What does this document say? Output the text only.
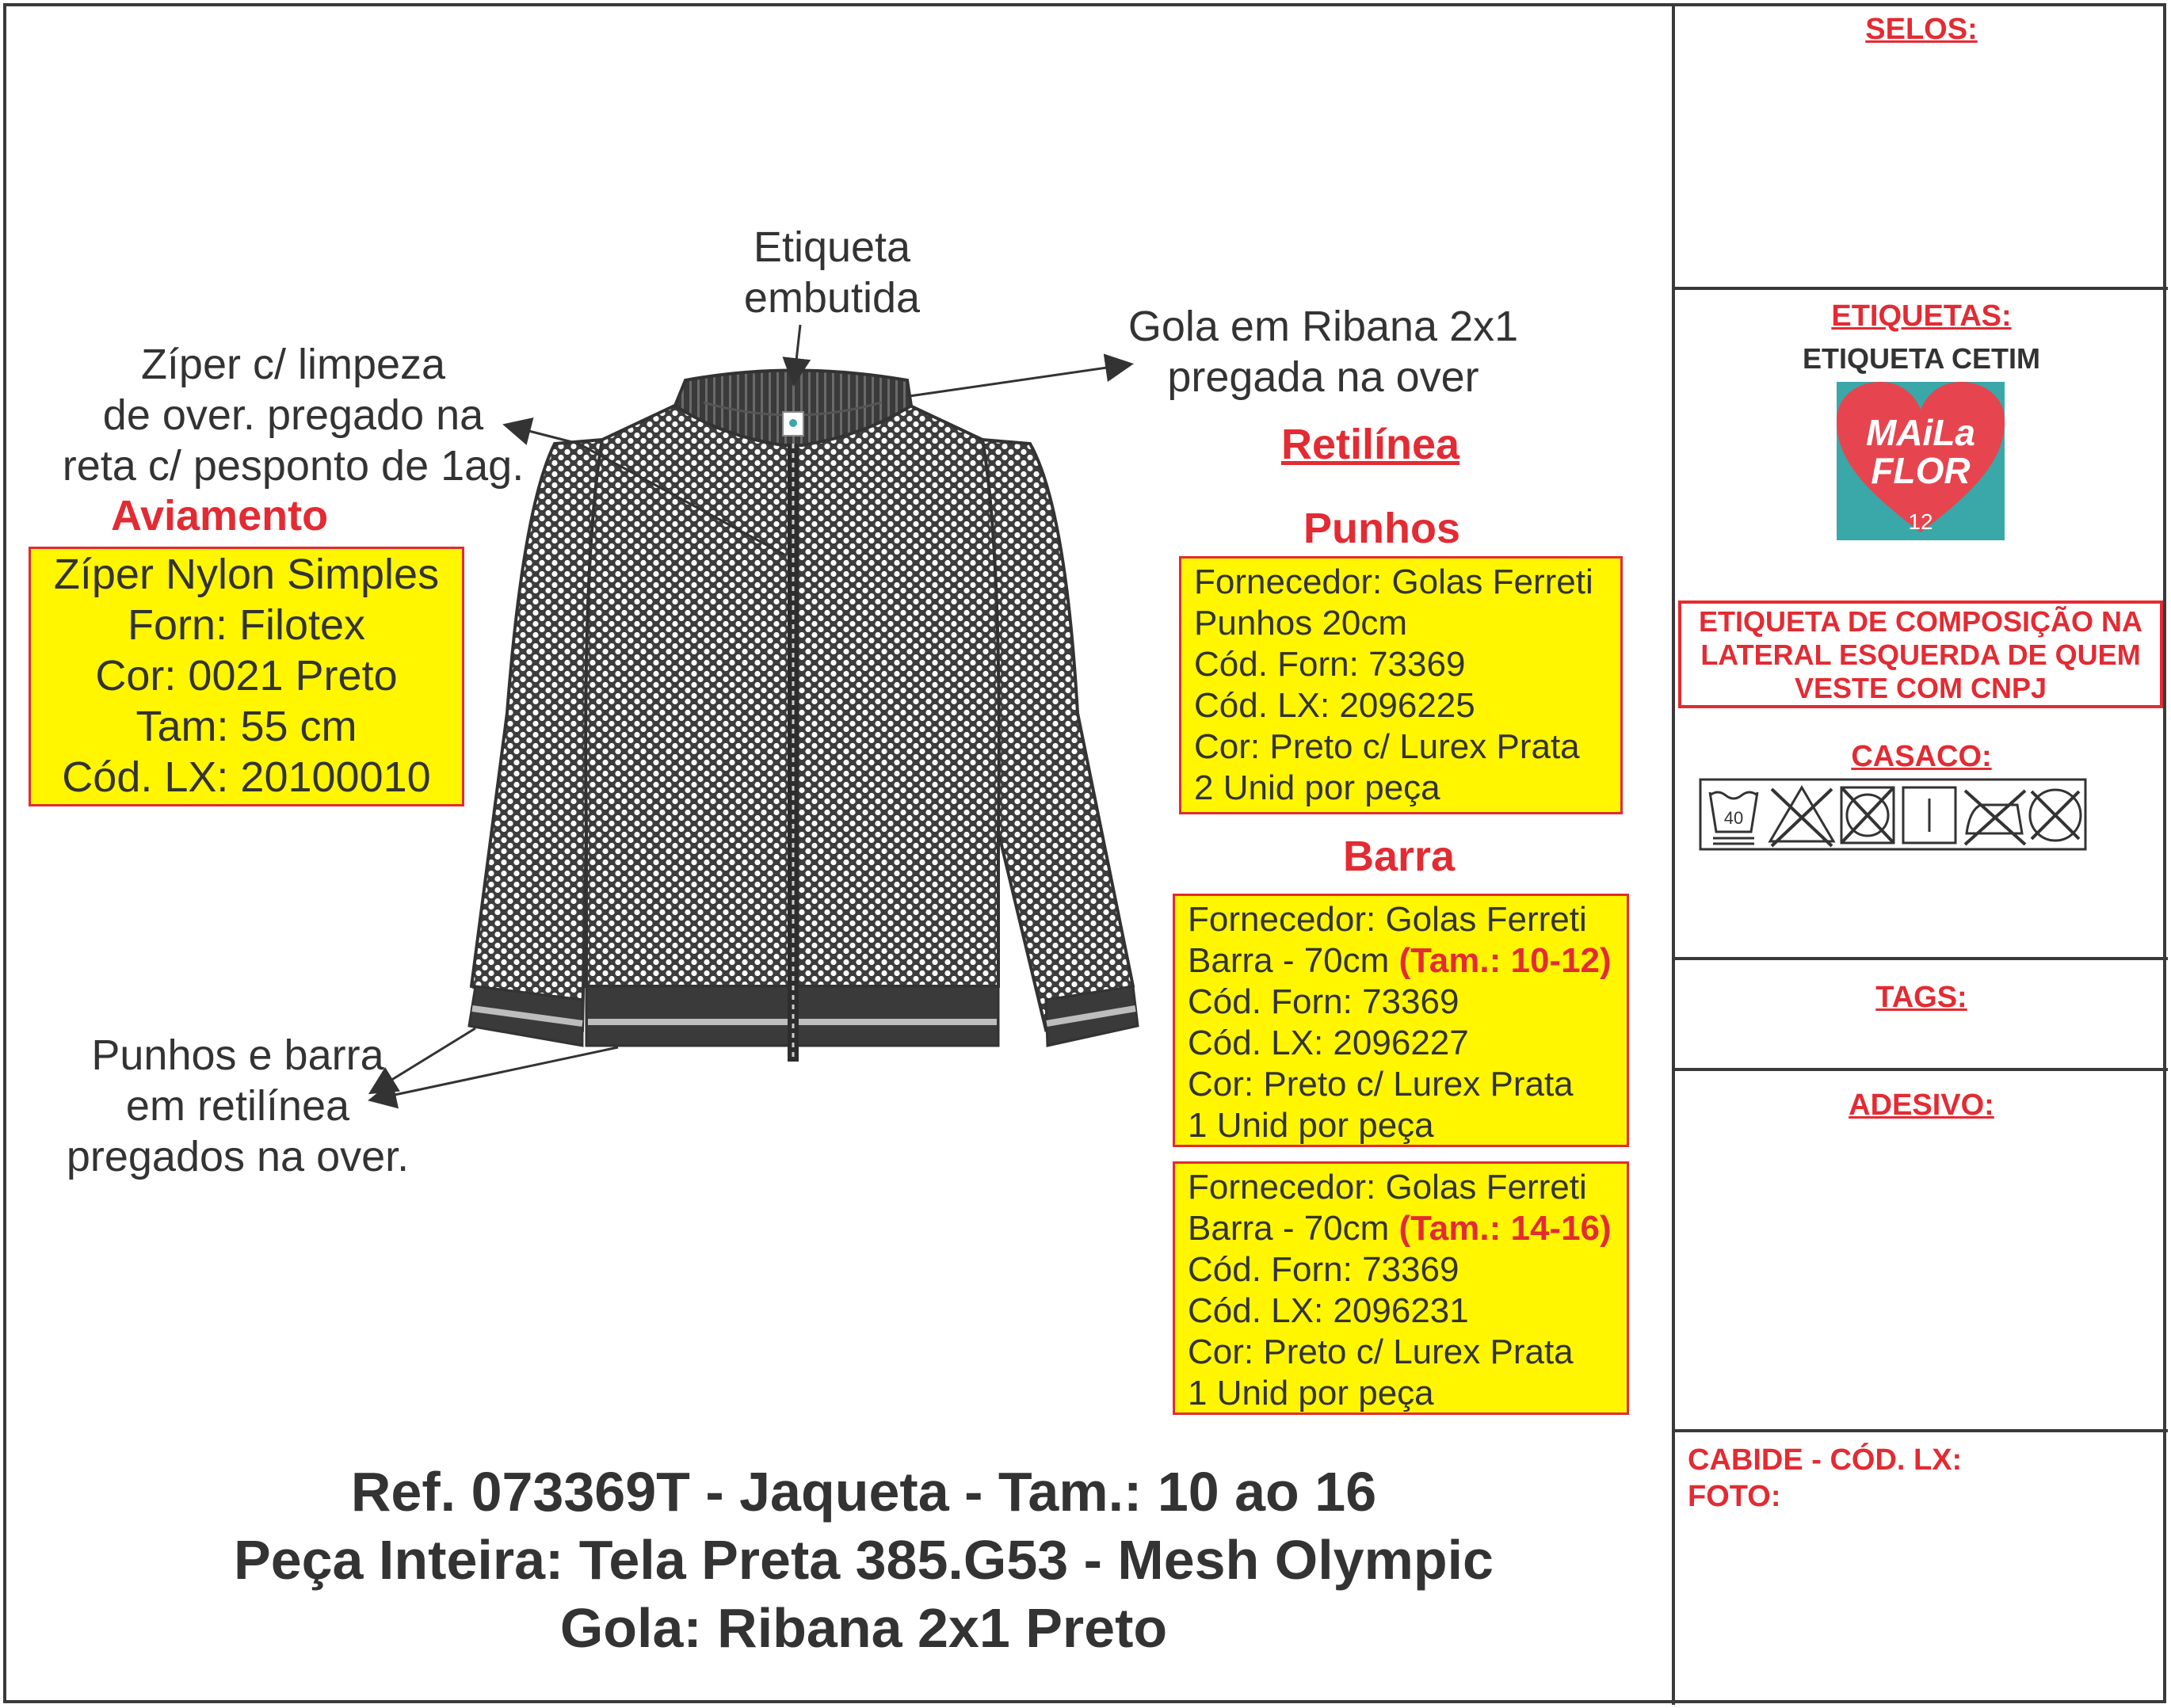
Etiqueta
embutida
Gola em Ribana 2x1
pregada na over
Zíper c/ limpeza
de over. pregado na
reta c/ pesponto de 1ag.
Punhos e barra
em retilínea
pregados na over.
Aviamento
Zíper Nylon Simples
Forn: Filotex
Cor: 0021 Preto
Tam: 55 cm
Cód. LX: 20100010
Retilínea
Punhos
Fornecedor: Golas Ferreti
Punhos 20cm
Cód. Forn: 73369
Cód. LX: 2096225
Cor: Preto c/ Lurex Prata
2 Unid por peça
Barra
Fornecedor: Golas Ferreti
Barra - 70cm (Tam.: 10-12)
Cód. Forn: 73369
Cód. LX: 2096227
Cor: Preto c/ Lurex Prata
1 Unid por peça
Fornecedor: Golas Ferreti
Barra - 70cm (Tam.: 14-16)
Cód. Forn: 73369
Cód. LX: 2096231
Cor: Preto c/ Lurex Prata
1 Unid por peça
Ref. 073369T - Jaqueta - Tam.: 10 ao 16
Peça Inteira: Tela Preta 385.G53 - Mesh Olympic
Gola: Ribana 2x1 Preto
SELOS:
ETIQUETAS:
ETIQUETA CETIM
MAiLa
FLOR
12
ETIQUETA DE COMPOSIÇÃO NA
LATERAL ESQUERDA DE QUEM
VESTE COM CNPJ
CASACO:
40
TAGS:
ADESIVO:
CABIDE - CÓD. LX:
FOTO:
